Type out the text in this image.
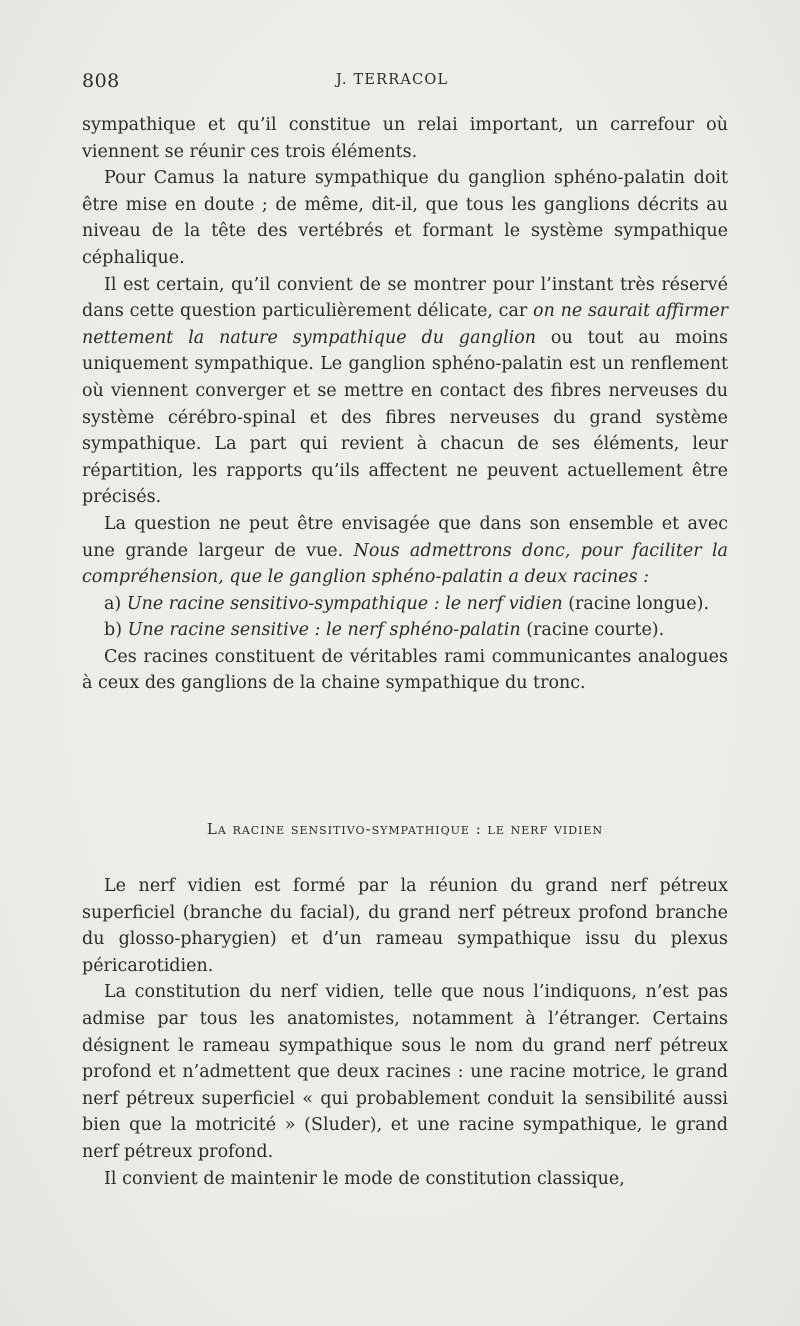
808	J. TERRACOL

sympathique et qu’il constitue un relai important, un carrefour où viennent se réunir ces trois éléments.

Pour Camus la nature sympathique du ganglion sphéno-palatin doit être mise en doute ; de même, dit-il, que tous les ganglions décrits au niveau de la tête des vertébrés et formant le système sympathique céphalique.

Il est certain, qu’il convient de se montrer pour l’instant très réservé dans cette question particulièrement délicate, car on ne saurait affirmer nettement la nature sympathique du ganglion ou tout au moins uniquement sympathique. Le ganglion sphéno-palatin est un renflement où viennent converger et se mettre en contact des fibres nerveuses du système cérébro-spinal et des fibres nerveuses du grand système sympathique. La part qui revient à chacun de ses éléments, leur répartition, les rapports qu’ils affectent ne peuvent actuellement être précisés.

La question ne peut être envisagée que dans son ensemble et avec une grande largeur de vue. Nous admettrons donc, pour faciliter la compréhension, que le ganglion sphéno-palatin a deux racines :

a) Une racine sensitivo-sympathique : le nerf vidien (racine longue).

b) Une racine sensitive : le nerf sphéno-palatin (racine courte).

Ces racines constituent de véritables rami communicantes analogues à ceux des ganglions de la chaine sympathique du tronc.

La racine sensitivo-sympathique : le nerf vidien

Le nerf vidien est formé par la réunion du grand nerf pétreux superficiel (branche du facial), du grand nerf pétreux profond branche du glosso-pharygien) et d’un rameau sympathique issu du plexus péricarotidien.

La constitution du nerf vidien, telle que nous l’indiquons, n’est pas admise par tous les anatomistes, notamment à l’étranger. Certains désignent le rameau sympathique sous le nom du grand nerf pétreux profond et n’admettent que deux racines : une racine motrice, le grand nerf pétreux superficiel « qui probablement conduit la sensibilité aussi bien que la motricité » (Sluder), et une racine sympathique, le grand nerf pétreux profond.

Il convient de maintenir le mode de constitution classique,
